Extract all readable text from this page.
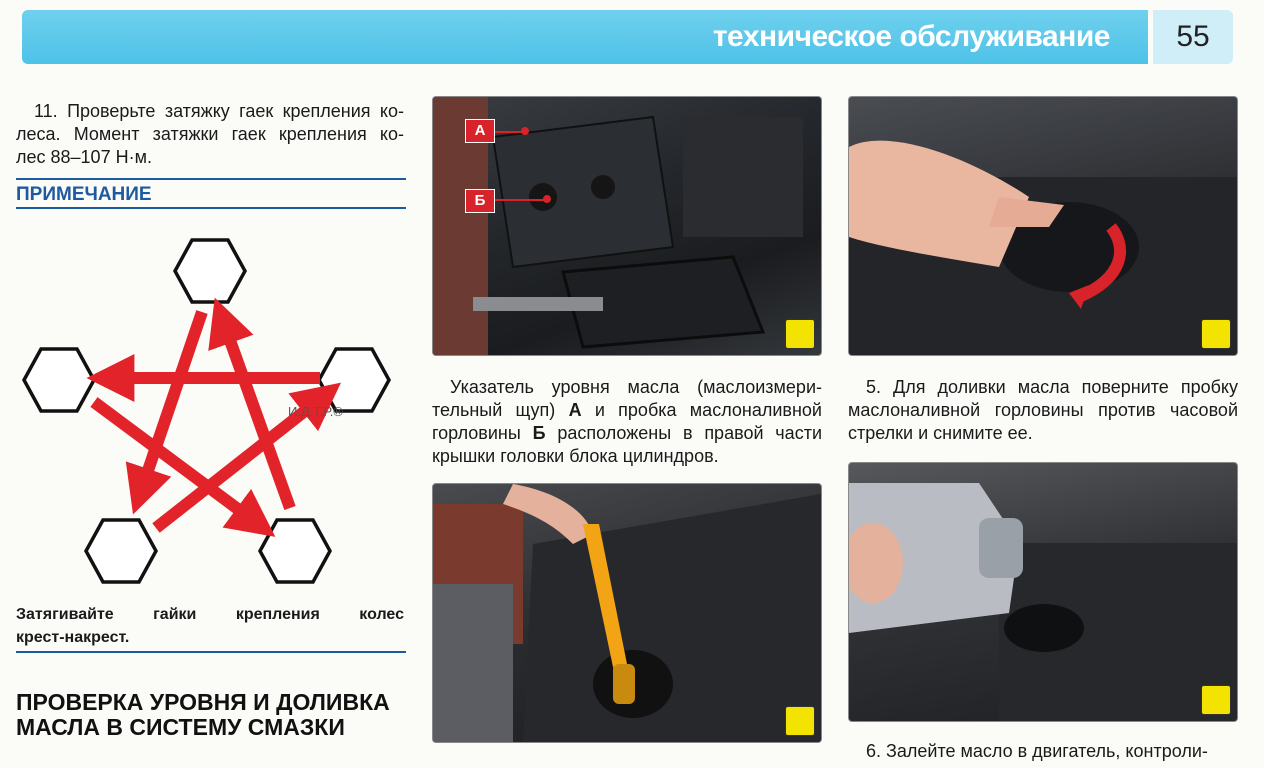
техническое обслуживание	55
11. Проверьте затяжку гаек крепления ко-
леса. Момент затяжки гаек крепления ко-
лес 88–107 Н·м.
ПРИМЕЧАНИЕ
И.Д.Т.Р.®
Затягивайте гайки крепления колес
крест-накрест.
ПРОВЕРКА УРОВНЯ И ДОЛИВКА
МАСЛА В СИСТЕМУ СМАЗКИ
А
Б
Указатель уровня масла (маслоизмери-
тельный щуп) А и пробка маслоналивной
горловины Б расположены в правой части
крышки головки блока цилиндров.
5. Для доливки масла поверните пробку
маслоналивной горловины против часовой
стрелки и снимите ее.
6. Залейте масло в двигатель, контроли-
